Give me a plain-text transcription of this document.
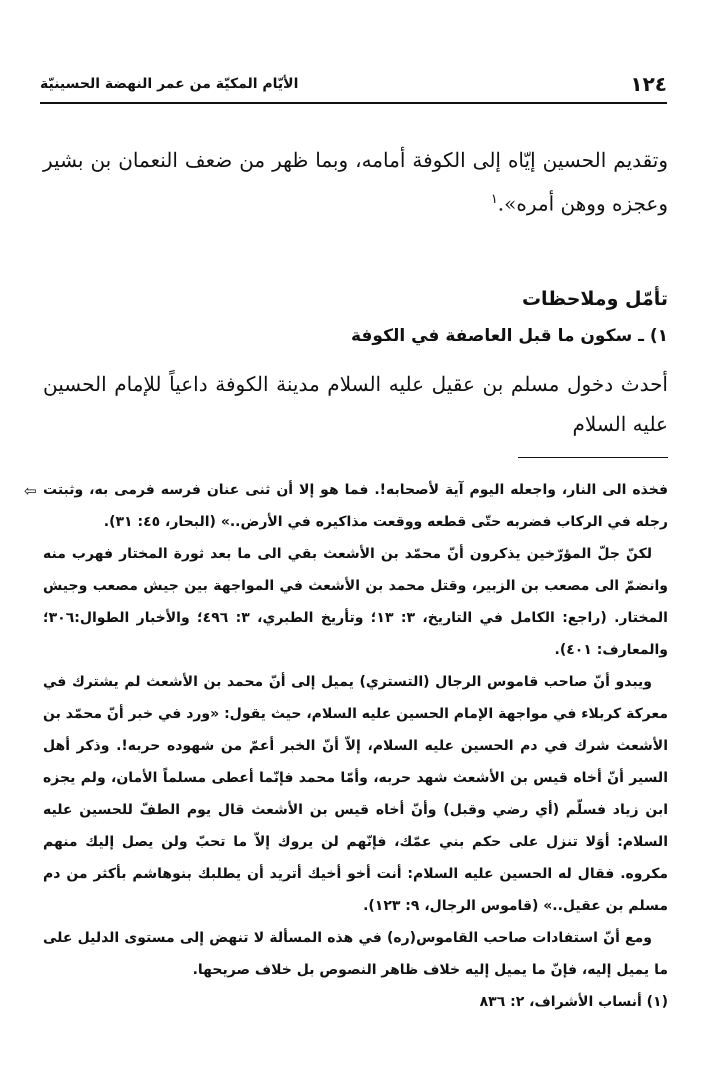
١٢٤
الأيّام المكيّة من عمر النهضة الحسينيّة
وتقديم الحسين إيّاه إلى الكوفة أمامه، وبما ظهر من ضعف النعمان بن بشير وعجزه ووهن أمره».$^١$
تأمّل وملاحظات
١) ـ سكون ما قبل العاصفة في الكوفة
أحدث دخول مسلم بن عقيل عليه السلام مدينة الكوفة داعياً للإمام الحسين عليه السلام
⇦ فخذه الى النار، واجعله اليوم آية لأصحابه!. فما هو إلا أن ثنى عنان فرسه فرمى به، وثبتت رجله في الركاب فضربه حتّى قطعه ووقعت مذاكيره في الأرض..» (البحار، ٤٥: ٣١).

لكنّ جلّ المؤرّخين يذكرون أنّ محمّد بن الأشعث بقي الى ما بعد ثورة المختار فهرب منه وانضمّ الى مصعب بن الزبير، وقتل محمد بن الأشعث في المواجهة بين جيش مصعب وجيش المختار. (راجع: الكامل في التاريخ، ٣: ١٣؛ وتأريخ الطبري، ٣: ٤٩٦؛ والأخبار الطوال:٣٠٦؛ والمعارف: ٤٠١).

ويبدو أنّ صاحب قاموس الرجال (التستري) يميل إلى أنّ محمد بن الأشعث لم يشترك في معركة كربلاء في مواجهة الإمام الحسين عليه السلام، حيث يقول: «ورد في خبر أنّ محمّد بن الأشعث شرك في دم الحسين عليه السلام، إلاّ أنّ الخبر أعمّ من شهوده حربه!. وذكر أهل السير أنّ أخاه قيس بن الأشعث شهد حربه، وأمّا محمد فإنّما أعطى مسلماً الأمان، ولم يجزه ابن زياد فسلّم (أي رضي وقبل) وأنّ أخاه قيس بن الأشعث قال يوم الطفّ للحسين عليه السلام: أوَلا تنزل على حكم بني عمّك، فإنّهم لن يروك إلاّ ما تحبّ ولن يصل إليك منهم مكروه. فقال له الحسين عليه السلام: أنت أخو أخيك أتريد أن يطلبك بنوهاشم بأكثر من دم مسلم بن عقيل..» (قاموس الرجال، ٩: ١٢٣).

ومع أنّ استفادات صاحب القاموس(ره) في هذه المسألة لا تنهض إلى مستوى الدليل على ما يميل إليه، فإنّ ما يميل إليه خلاف ظاهر النصوص بل خلاف صريحها.

(١) أنساب الأشراف، ٢: ٨٣٦
